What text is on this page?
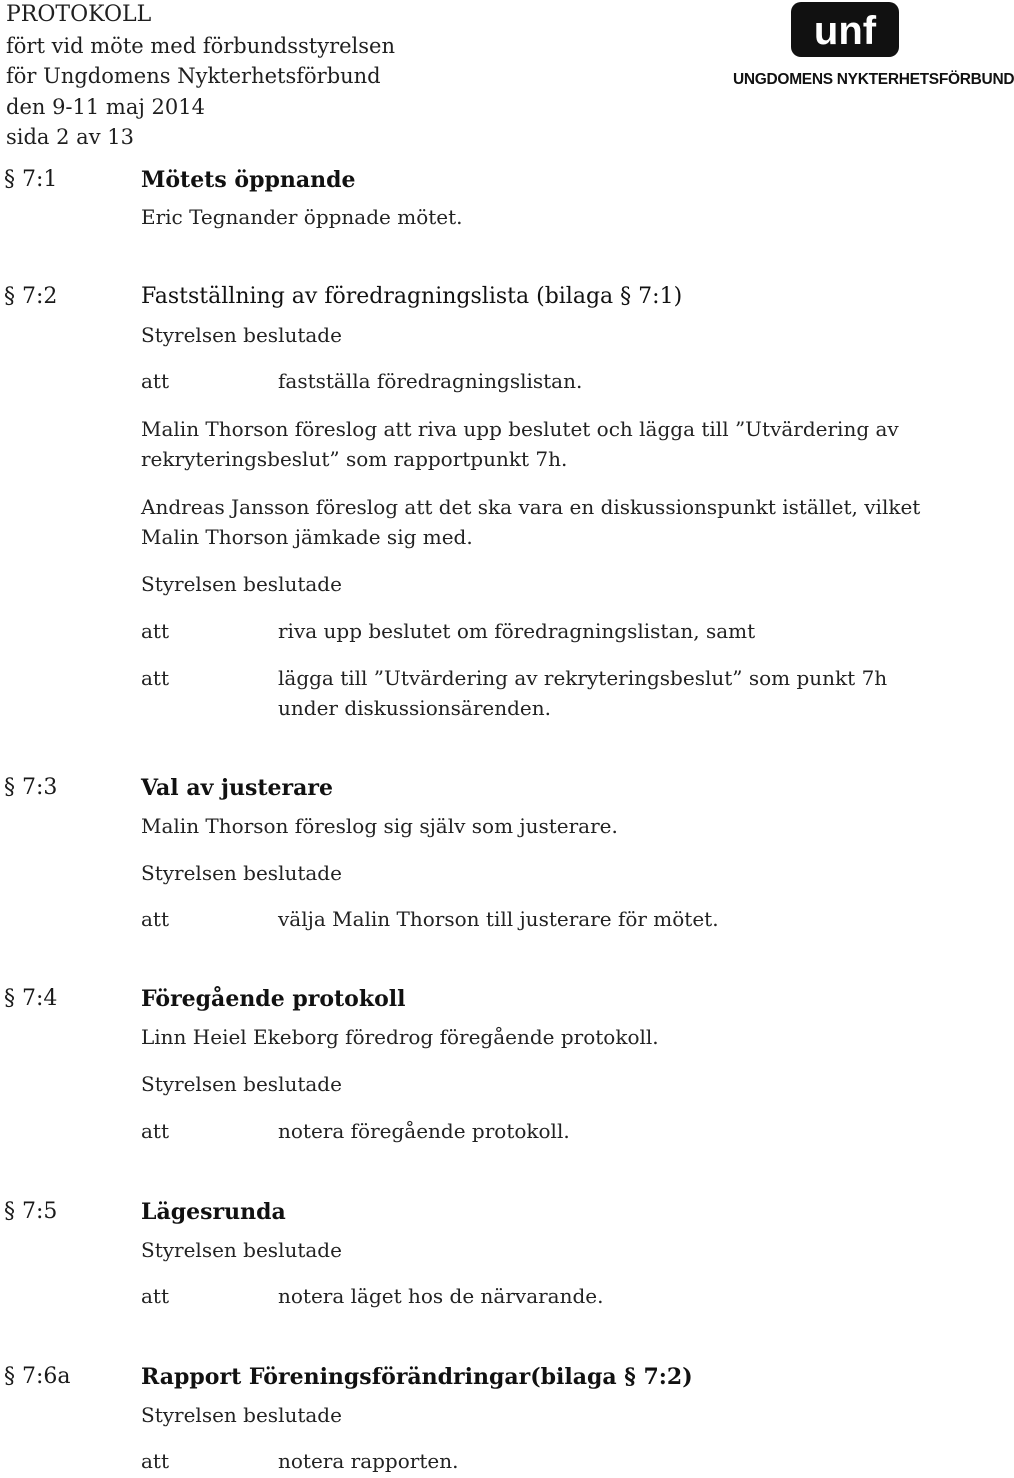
PROTOKOLL
fört vid möte med förbundsstyrelsen
för Ungdomens Nykterhetsförbund
den 9-11 maj 2014
sida 2 av 13
unf
UNGDOMENS NYKTERHETSFÖRBUND
§ 7:1	Mötets öppnande
Eric Tegnander öppnade mötet.
§ 7:2	Fastställning av föredragningslista (bilaga § 7:1)
Styrelsen beslutade
att	fastställa föredragningslistan.
Malin Thorson föreslog att riva upp beslutet och lägga till ”Utvärdering av rekryteringsbeslut” som rapportpunkt 7h.
Andreas Jansson föreslog att det ska vara en diskussionspunkt istället, vilket Malin Thorson jämkade sig med.
Styrelsen beslutade
att	riva upp beslutet om föredragningslistan, samt
att	lägga till ”Utvärdering av rekryteringsbeslut” som punkt 7h under diskussionsärenden.
§ 7:3	Val av justerare
Malin Thorson föreslog sig själv som justerare.
Styrelsen beslutade
att	välja Malin Thorson till justerare för mötet.
§ 7:4	Föregående protokoll
Linn Heiel Ekeborg föredrog föregående protokoll.
Styrelsen beslutade
att	notera föregående protokoll.
§ 7:5	Lägesrunda
Styrelsen beslutade
att	notera läget hos de närvarande.
§ 7:6a	Rapport Föreningsförändringar(bilaga § 7:2)
Styrelsen beslutade
att	notera rapporten.
